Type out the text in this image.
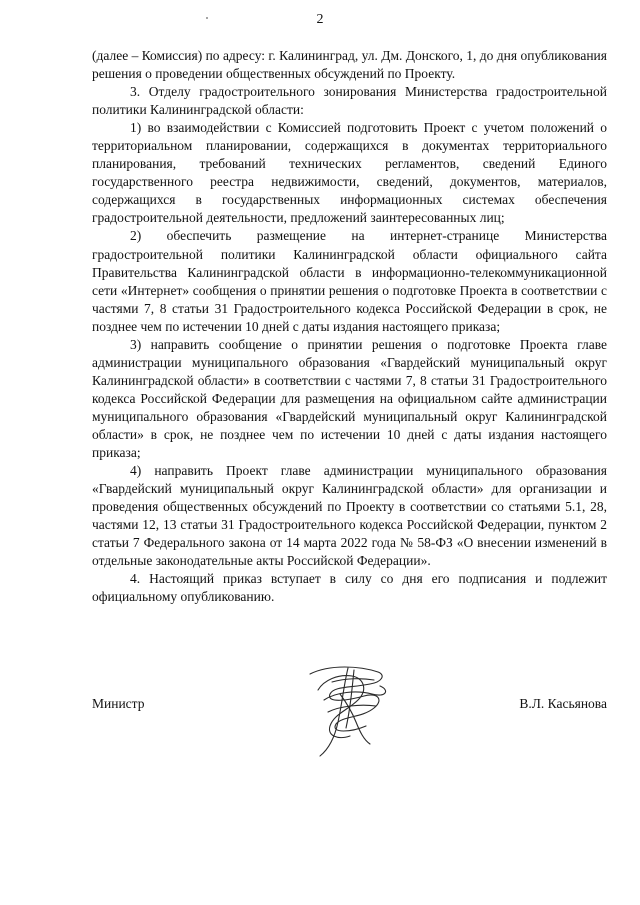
2

(далее – Комиссия) по адресу: г. Калининград, ул. Дм. Донского, 1, до дня опубликования решения о проведении общественных обсуждений по Проекту.

3. Отделу градостроительного зонирования Министерства градостроительной политики Калининградской области:

1) во взаимодействии с Комиссией подготовить Проект с учетом положений о территориальном планировании, содержащихся в документах территориального планирования, требований технических регламентов, сведений Единого государственного реестра недвижимости, сведений, документов, материалов, содержащихся в государственных информационных системах обеспечения градостроительной деятельности, предложений заинтересованных лиц;

2) обеспечить размещение на интернет-странице Министерства градостроительной политики Калининградской области официального сайта Правительства Калининградской области в информационно-телекоммуникационной сети «Интернет» сообщения о принятии решения о подготовке Проекта в соответствии с частями 7, 8 статьи 31 Градостроительного кодекса Российской Федерации в срок, не позднее чем по истечении 10 дней с даты издания настоящего приказа;

3) направить сообщение о принятии решения о подготовке Проекта главе администрации муниципального образования «Гвардейский муниципальный округ Калининградской области» в соответствии с частями 7, 8 статьи 31 Градостроительного кодекса Российской Федерации для размещения на официальном сайте администрации муниципального образования «Гвардейский муниципальный округ Калининградской области» в срок, не позднее чем по истечении 10 дней с даты издания настоящего приказа;

4) направить Проект главе администрации муниципального образования «Гвардейский муниципальный округ Калининградской области» для организации и проведения общественных обсуждений по Проекту в соответствии со статьями 5.1, 28, частями 12, 13 статьи 31 Градостроительного кодекса Российской Федерации, пунктом 2 статьи 7 Федерального закона от 14 марта 2022 года № 58-ФЗ «О внесении изменений в отдельные законодательные акты Российской Федерации».

4. Настоящий приказ вступает в силу со дня его подписания и подлежит официальному опубликованию.

Министр	В.Л. Касьянова
